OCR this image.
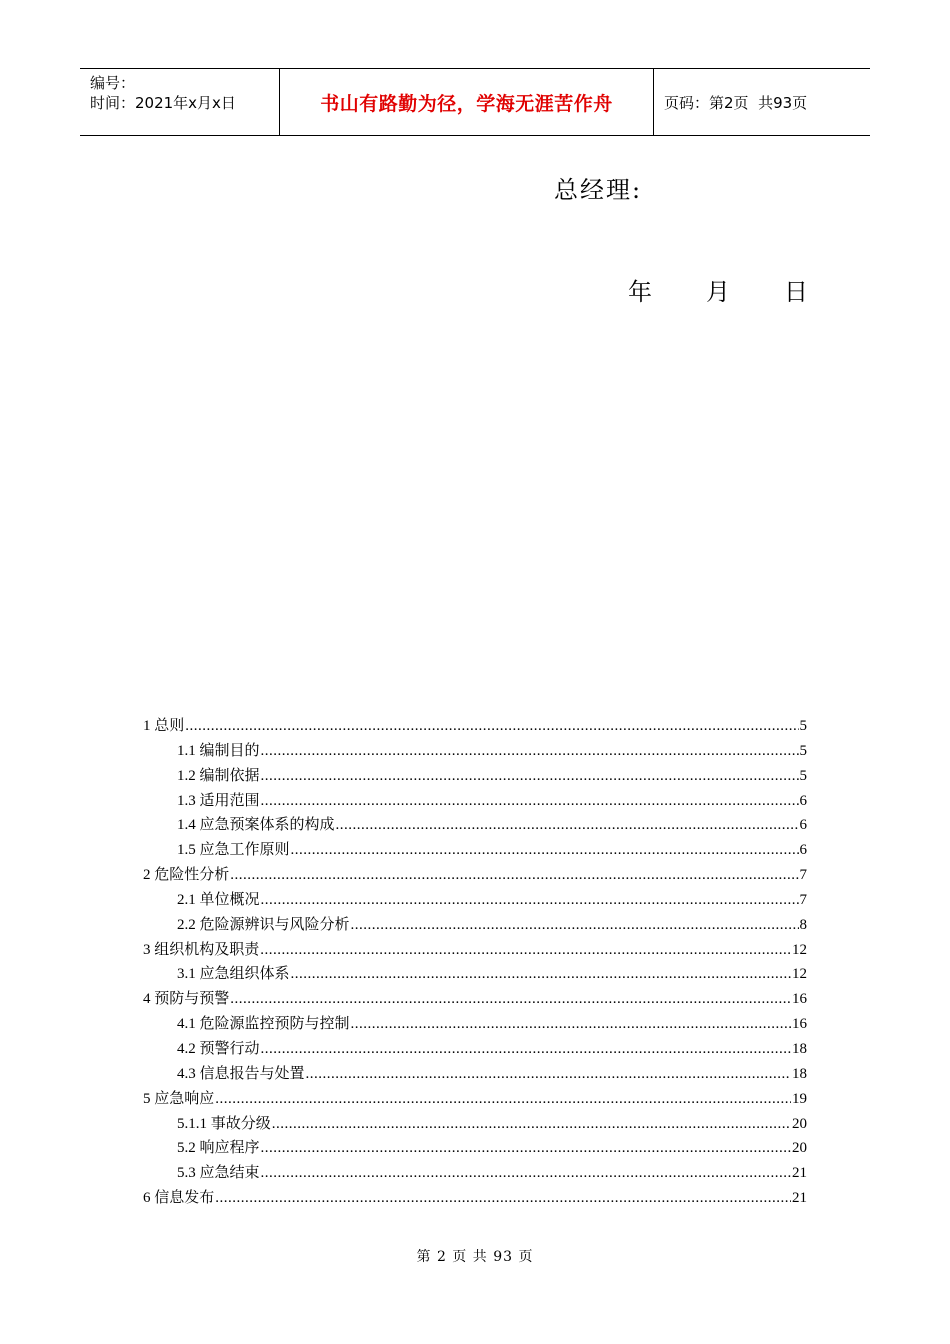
编号：
时间：2021年x月x日	书山有路勤为径，学海无涯苦作舟	页码：第2页  共93页
总经理:
年 月 日
1 总则 .....	5
1.1 编制目的 .....	5
1.2 编制依据 .....	5
1.3 适用范围 .....	6
1.4 应急预案体系的构成 .....	6
1.5 应急工作原则 .....	6
2 危险性分析 .....	7
2.1 单位概况 .....	7
2.2 危险源辨识与风险分析 .....	8
3 组织机构及职责 .....	12
3.1 应急组织体系 .....	12
4 预防与预警 .....	16
4.1 危险源监控预防与控制 .....	16
4.2 预警行动 .....	18
4.3 信息报告与处置 .....	18
5 应急响应 .....	19
5.1.1 事故分级 .....	20
5.2 响应程序 .....	20
5.3 应急结束 .....	21
6 信息发布 .....	21
第 2 页 共 93 页
